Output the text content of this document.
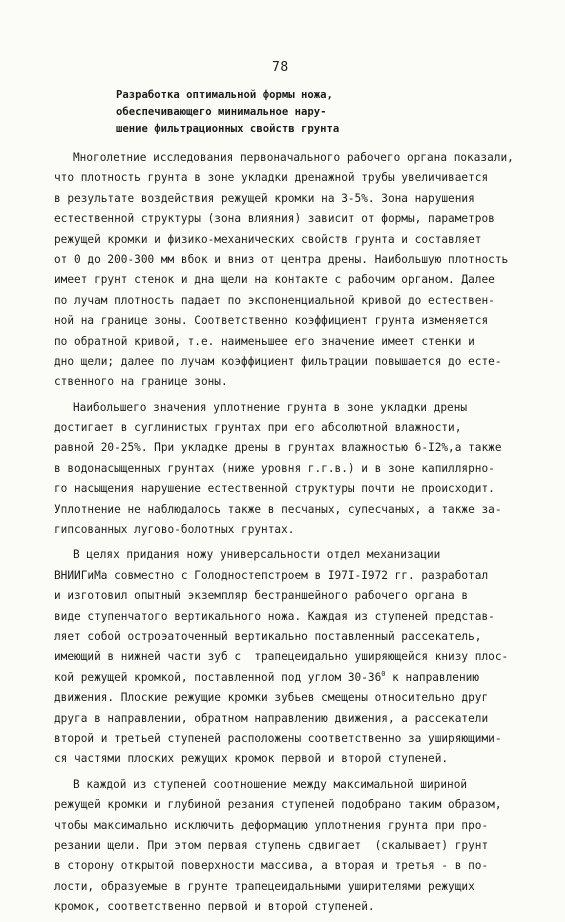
78
Разработка оптимальной формы ножа,
обеспечивающего минимальное нару-
шение фильтрационных свойств грунта
Многолетние исследования первоначального рабочего органа показали,
что плотность грунта в зоне укладки дренажной трубы увеличивается
в результате воздействия режущей кромки на 3-5%. Зона нарушения
естественной структуры (зона влияния) зависит от формы, параметров
режущей кромки и физико-механических свойств грунта и составляет
от 0 до 200-300 мм вбок и вниз от центра дрены. Наибольшую плотность
имеет грунт стенок и дна щели на контакте с рабочим органом. Далее
по лучам плотность падает по экспоненциальной кривой до естествен-
ной на границе зоны. Соответственно коэффициент грунта изменяется
по обратной кривой, т.е. наименьшее его значение имеет стенки и
дно щели; далее по лучам коэффициент фильтрации повышается до есте-
ственного на границе зоны.
Наибольшего значения уплотнение грунта в зоне укладки дрены
достигает в суглинистых грунтах при его абсолютной влажности,
равной 20-25%. При укладке дрены в грунтах влажностью 6-I2%,а также
в водонасыщенных грунтах (ниже уровня г.г.в.) и в зоне капиллярно-
го насыщения нарушение естественной структуры почти не происходит.
Уплотнение не наблюдалось также в песчаных, супесчаных, а также за-
гипсованных лугово-болотных грунтах.
В целях придания ножу универсальности отдел механизации
ВНИИГиМа совместно с Голодностепстроем в I97I-I972 гг. разработал
и изготовил опытный экземпляр бестраншейного рабочего органа в
виде ступенчатого вертикального ножа. Каждая из ступеней представ-
ляет собой остроэаточенный вертикально поставленный рассекатель,
имеющий в нижней части зуб с  трапецеидально уширяющейся книзу плос-
кой режущей кромкой, поставленной под углом $30-36^0$ к направлению
движения. Плоские режущие кромки зубьев смещены относительно друг
друга в направлении, обратном направлению движения, а рассекатели
второй и третьей ступеней расположены соответственно за уширяющими-
ся частями плоских режущих кромок первой и второй ступеней.
В каждой из ступеней соотношение между максимальной шириной
режущей кромки и глубиной резания ступеней подобрано таким образом,
чтобы максимально исключить деформацию уплотнения грунта при про-
резании щели. При этом первая ступень сдвигает  (скалывает) грунт
в сторону открытой поверхности массива, а вторая и третья - в по-
лости, образуемые в грунте трапецеидальными уширителями режущих
кромок, соответственно первой и второй ступеней.
